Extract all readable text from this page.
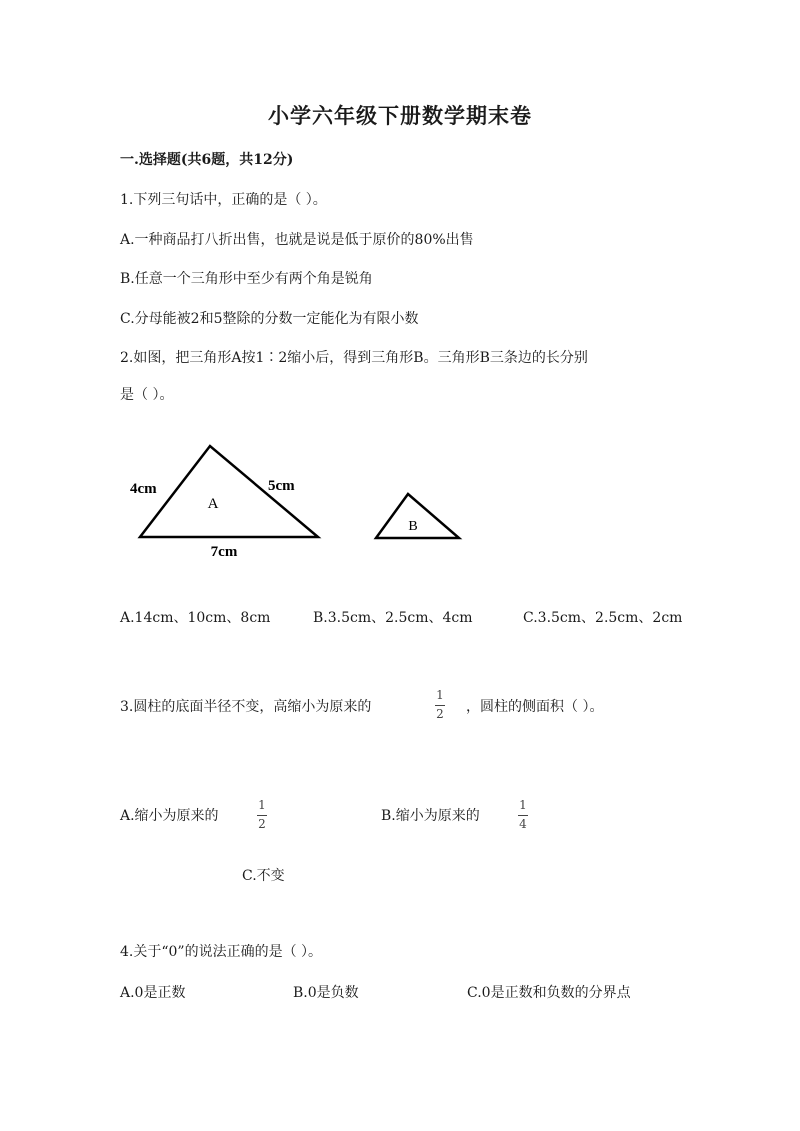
小学六年级下册数学期末卷
一.选择题(共6题，共12分)
1.下列三句话中，正确的是（ ）。
A.一种商品打八折出售，也就是说是低于原价的80%出售
B.任意一个三角形中至少有两个角是锐角
C.分母能被2和5整除的分数一定能化为有限小数
2.如图，把三角形A按1∶2缩小后，得到三角形B。三角形B三条边的长分别
是（ ）。
A
B
4cm	5cm
7cm
A.14cm、10cm、8cm	B.3.5cm、2.5cm、4cm	C.3.5cm、2.5cm、2cm
3.圆柱的底面半径不变，高缩小为原来的
1
2 ，圆柱的侧面积（ ）。
A.缩小为原来的
1
2	B.缩小为原来的
1
4
C.不变
4.关于“0”的说法正确的是（ ）。
A.0是正数	B.0是负数	C.0是正数和负数的分界点
